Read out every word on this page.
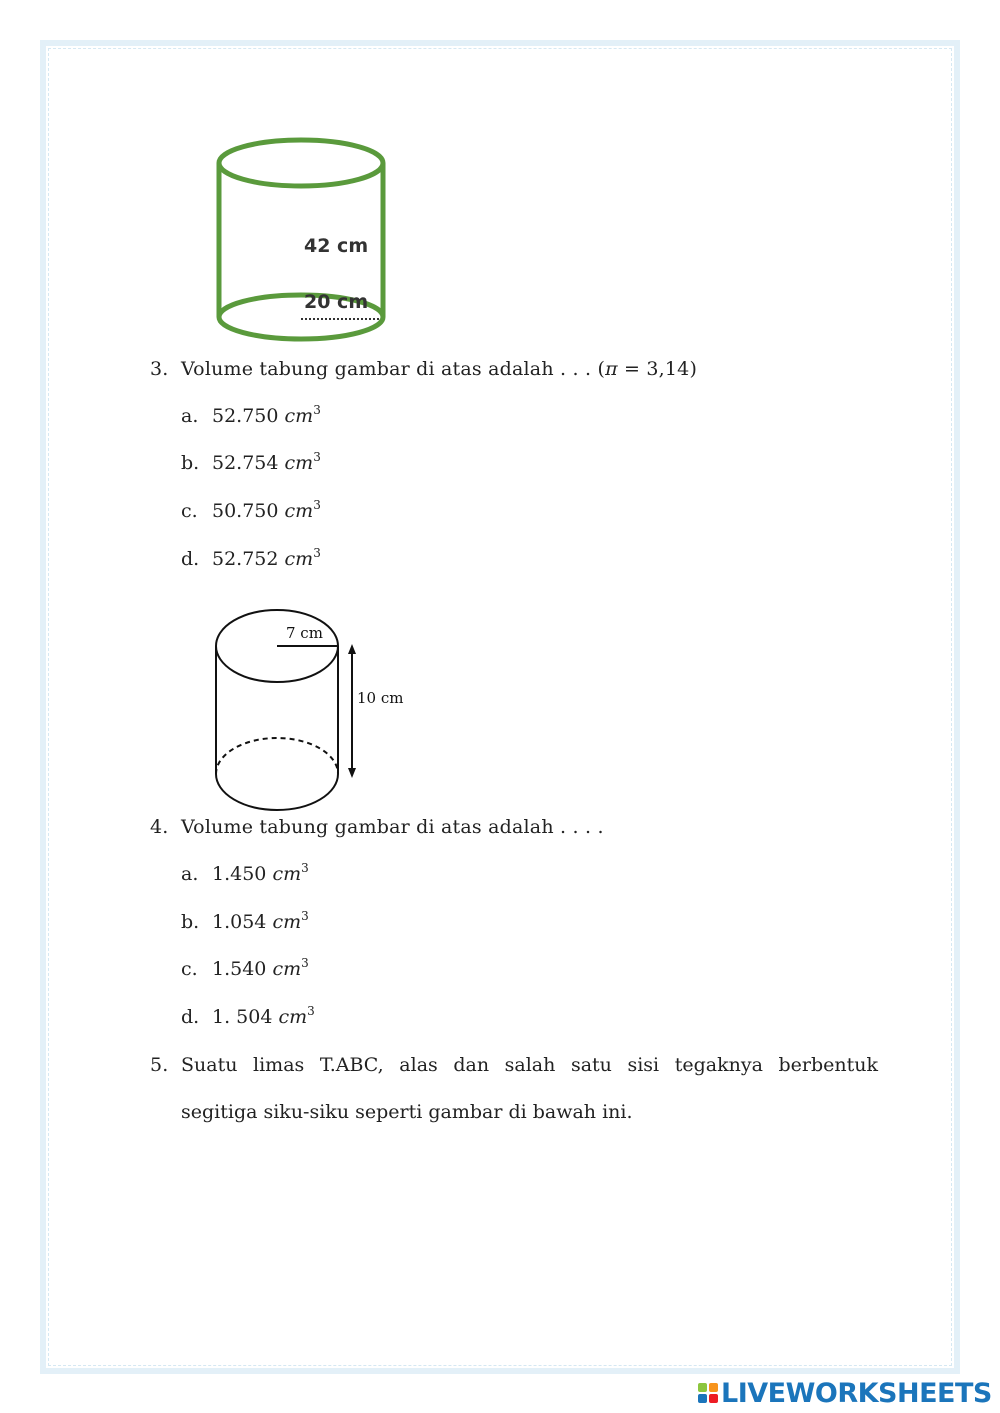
42 cm
20 cm
3. Volume tabung gambar di atas adalah . . . (π = 3,14)
a. 52.750 $cm^3$
b. 52.754 $cm^3$
c. 50.750 $cm^3$
d. 52.752 $cm^3$
7 cm
10 cm
4. Volume tabung gambar di atas adalah . . . .
a. 1.450 $cm^3$
b. 1.054 $cm^3$
c. 1.540 $cm^3$
d. 1. 504 $cm^3$
5. Suatu limas T.ABC, alas dan salah satu sisi tegaknya berbentuk
segitiga siku-siku seperti gambar di bawah ini.
LIVEWORKSHEETS
